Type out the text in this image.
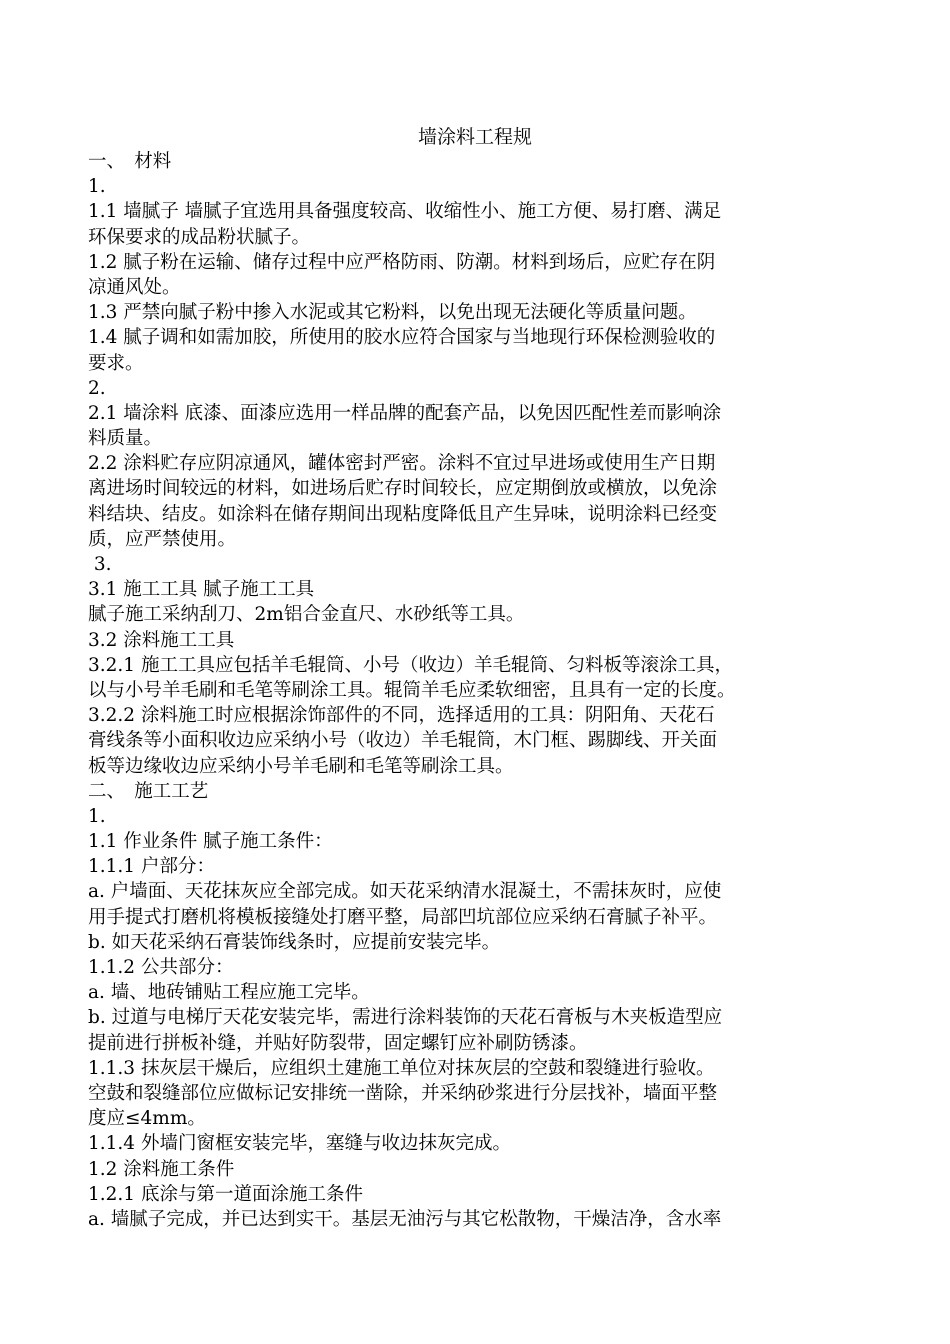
墙涂料工程规
一、　材料
1.
1.1 墙腻子 墙腻子宜选用具备强度较高、收缩性小、施工方便、易打磨、满足
环保要求的成品粉状腻子。
1.2 腻子粉在运输、储存过程中应严格防雨、防潮。材料到场后，应贮存在阴
凉通风处。
1.3 严禁向腻子粉中掺入水泥或其它粉料，以免出现无法硬化等质量问题。
1.4 腻子调和如需加胶，所使用的胶水应符合国家与当地现行环保检测验收的
要求。
2.
2.1 墙涂料 底漆、面漆应选用一样品牌的配套产品，以免因匹配性差而影响涂
料质量。
2.2 涂料贮存应阴凉通风，罐体密封严密。涂料不宜过早进场或使用生产日期
离进场时间较远的材料，如进场后贮存时间较长，应定期倒放或横放，以免涂
料结块、结皮。如涂料在储存期间出现粘度降低且产生异味，说明涂料已经变
质，应严禁使用。
3.
3.1 施工工具 腻子施工工具
腻子施工采纳刮刀、2m铝合金直尺、水砂纸等工具。
3.2 涂料施工工具
3.2.1 施工工具应包括羊毛辊筒、小号（收边）羊毛辊筒、匀料板等滚涂工具，
以与小号羊毛刷和毛笔等刷涂工具。辊筒羊毛应柔软细密，且具有一定的长度。
3.2.2 涂料施工时应根据涂饰部件的不同，选择适用的工具：阴阳角、天花石
膏线条等小面积收边应采纳小号（收边）羊毛辊筒，木门框、踢脚线、开关面
板等边缘收边应采纳小号羊毛刷和毛笔等刷涂工具。
二、　施工工艺
1.
1.1 作业条件 腻子施工条件：
1.1.1 户部分：
a. 户墙面、天花抹灰应全部完成。如天花采纳清水混凝土，不需抹灰时，应使
用手提式打磨机将模板接缝处打磨平整，局部凹坑部位应采纳石膏腻子补平。
b. 如天花采纳石膏装饰线条时，应提前安装完毕。
1.1.2 公共部分：
a. 墙、地砖铺贴工程应施工完毕。
b. 过道与电梯厅天花安装完毕，需进行涂料装饰的天花石膏板与木夹板造型应
提前进行拼板补缝，并贴好防裂带，固定螺钉应补刷防锈漆。
1.1.3 抹灰层干燥后，应组织土建施工单位对抹灰层的空鼓和裂缝进行验收。
空鼓和裂缝部位应做标记安排统一凿除，并采纳砂浆进行分层找补，墙面平整
度应≤4mm。
1.1.4 外墙门窗框安装完毕，塞缝与收边抹灰完成。
1.2 涂料施工条件
1.2.1 底涂与第一道面涂施工条件
a. 墙腻子完成，并已达到实干。基层无油污与其它松散物，干燥洁净，含水率
